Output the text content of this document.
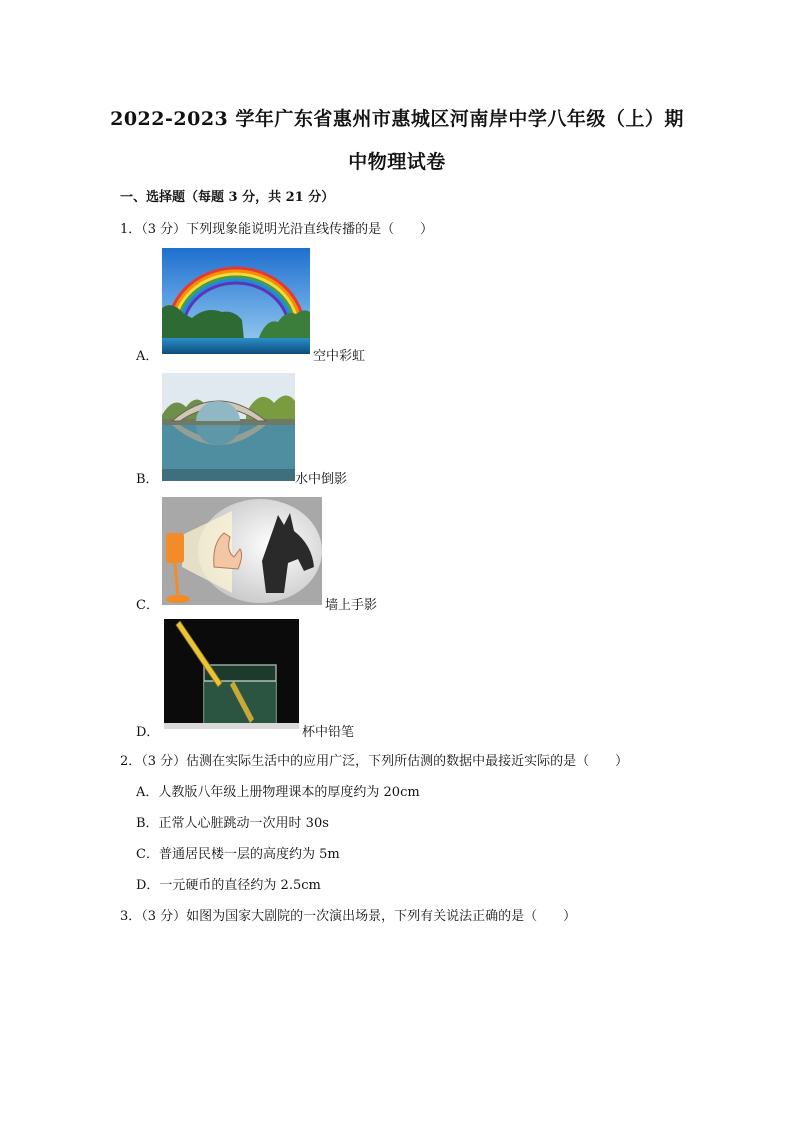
2022-2023 学年广东省惠州市惠城区河南岸中学八年级（上）期
中物理试卷
一、选择题（每题 3 分，共 21 分）
1．（3 分）下列现象能说明光沿直线传播的是（　　）
A．	空中彩虹
B．	水中倒影
C．	墙上手影
D．	杯中铅笔
2．（3 分）估测在实际生活中的应用广泛，下列所估测的数据中最接近实际的是（　　）
A．人教版八年级上册物理课本的厚度约为 20cm
B．正常人心脏跳动一次用时 30s
C．普通居民楼一层的高度约为 5m
D．一元硬币的直径约为 2.5cm
3．（3 分）如图为国家大剧院的一次演出场景，下列有关说法正确的是（　　）
